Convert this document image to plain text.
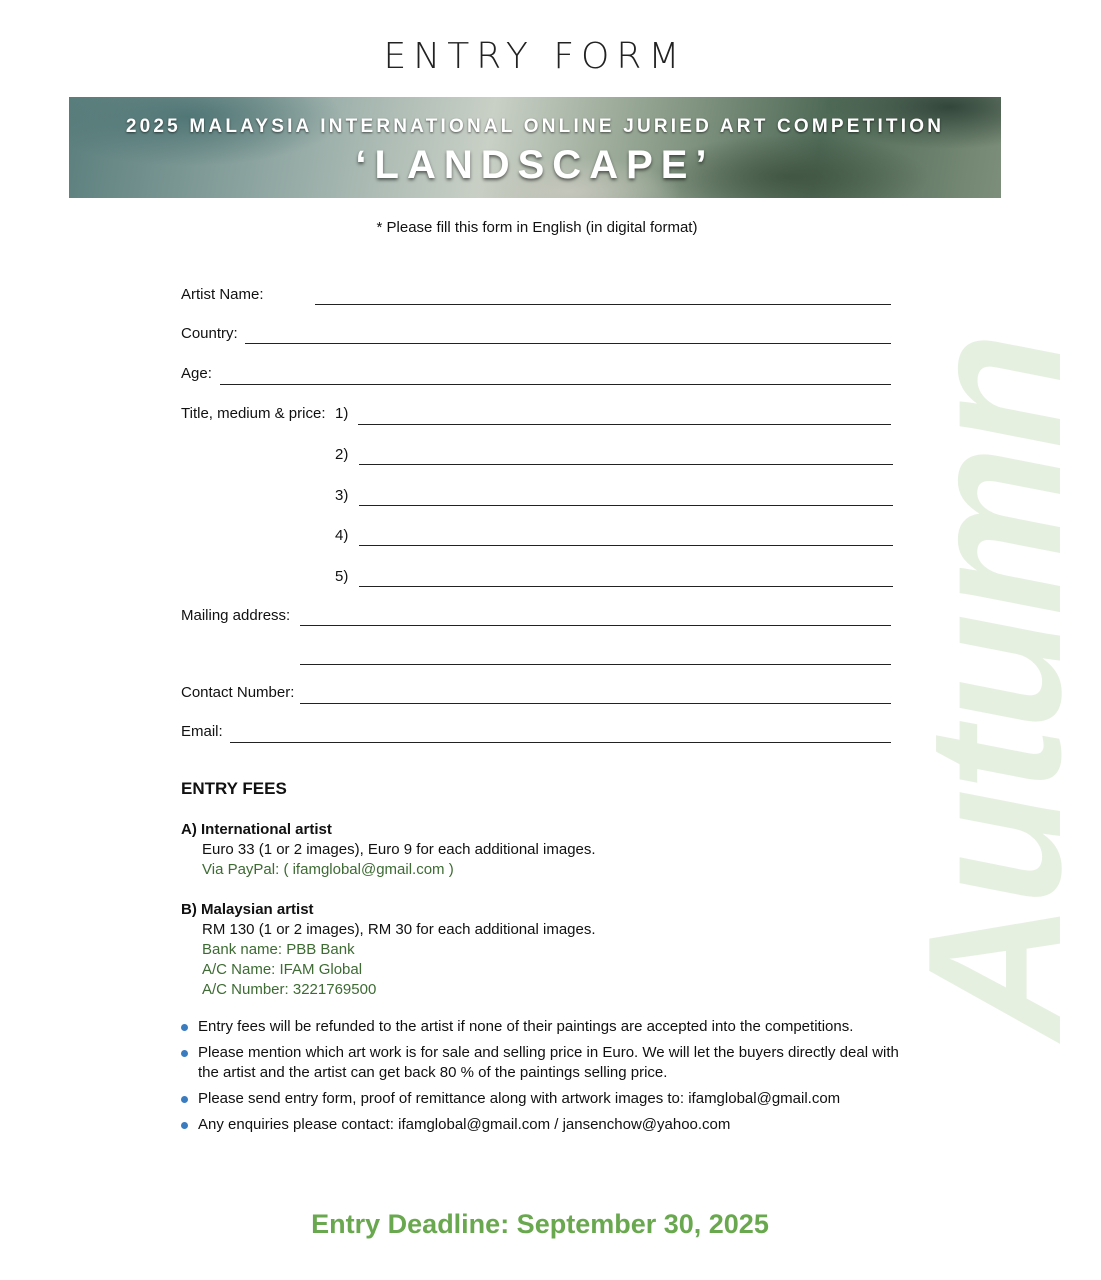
Autumn
ENTRY FORM
2025 MALAYSIA INTERNATIONAL ONLINE JURIED ART COMPETITION
‘LANDSCAPE’
* Please fill this form in English (in digital format)
Artist Name:
Country:
Age:
Title, medium & price: 1)
2)
3)
4)
5)
Mailing address:
Contact Number:
Email:
ENTRY FEES
A) International artist
Euro 33 (1 or 2 images), Euro 9 for each additional images.
Via PayPal: ( ifamglobal@gmail.com )
B) Malaysian artist
RM 130 (1 or 2 images), RM 30 for each additional images.
Bank name: PBB Bank
A/C Name: IFAM Global
A/C Number: 3221769500
Entry fees will be refunded to the artist if none of their paintings are accepted into the competitions.
Please mention which art work is for sale and selling price in Euro. We will let the buyers directly deal with the artist and the artist can get back 80 % of the paintings selling price.
Please send entry form, proof of remittance along with artwork images to: ifamglobal@gmail.com
Any enquiries please contact: ifamglobal@gmail.com / jansenchow@yahoo.com
Entry Deadline: September 30, 2025
